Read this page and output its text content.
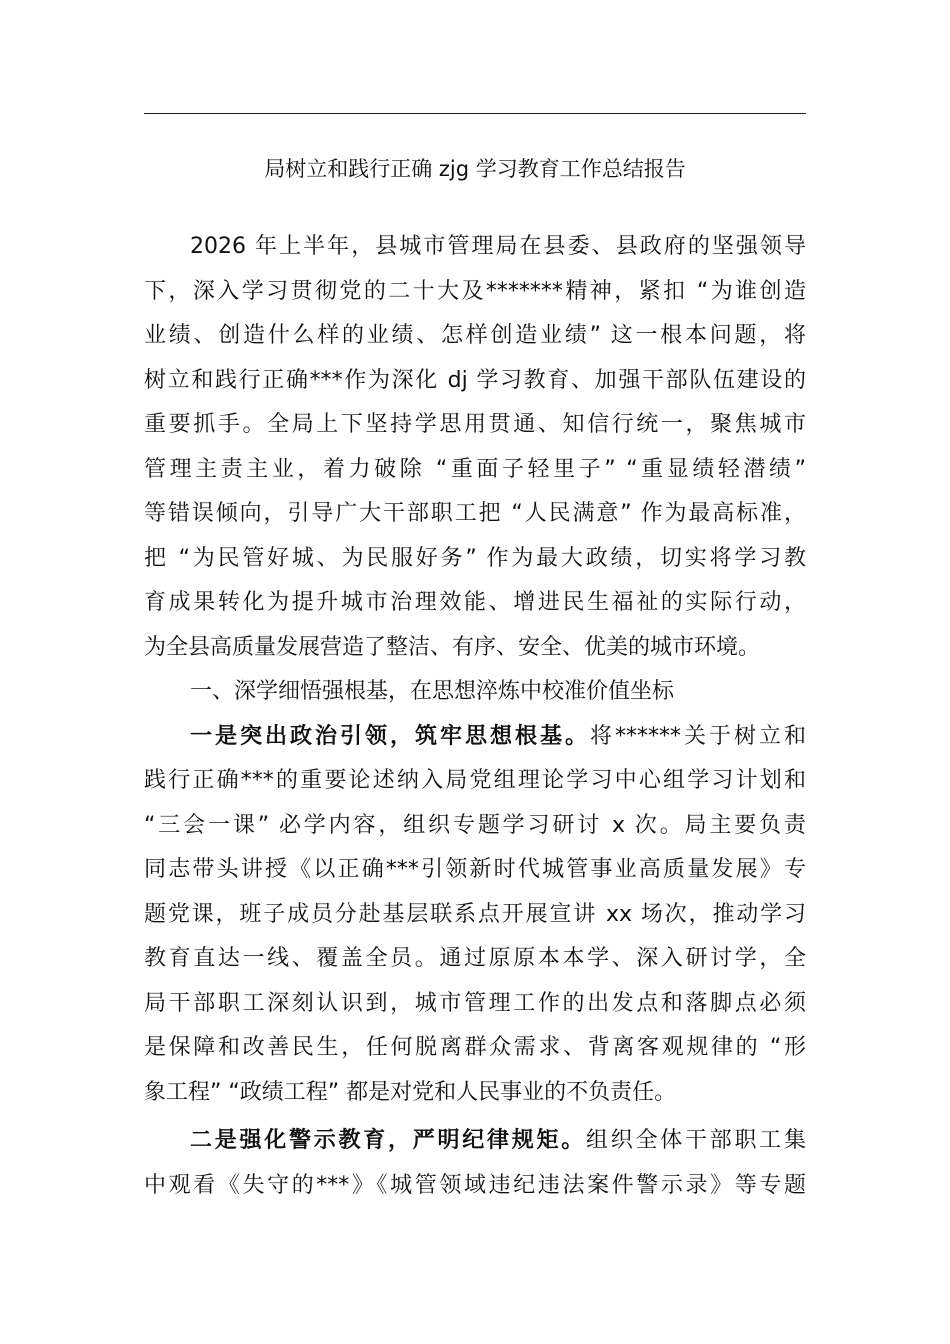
局树立和践行正确 zjg 学习教育工作总结报告
2026 年上半年，县城市管理局在县委、县政府的坚强领导
下，深入学习贯彻党的二十大及*******精神，紧扣 “为谁创造
业绩、创造什么样的业绩、怎样创造业绩” 这一根本问题，将
树立和践行正确***作为深化 dj 学习教育、加强干部队伍建设的
重要抓手。全局上下坚持学思用贯通、知信行统一，聚焦城市
管理主责主业，着力破除 “重面子轻里子” “重显绩轻潜绩”
等错误倾向，引导广大干部职工把 “人民满意” 作为最高标准，
把 “为民管好城、为民服好务” 作为最大政绩，切实将学习教
育成果转化为提升城市治理效能、增进民生福祉的实际行动，
为全县高质量发展营造了整洁、有序、安全、优美的城市环境。
一、深学细悟强根基，在思想淬炼中校准价值坐标
一是突出政治引领，筑牢思想根基。将******关于树立和
践行正确***的重要论述纳入局党组理论学习中心组学习计划和
“三会一课” 必学内容，组织专题学习研讨 x 次。局主要负责
同志带头讲授《以正确***引领新时代城管事业高质量发展》专
题党课，班子成员分赴基层联系点开展宣讲 xx 场次，推动学习
教育直达一线、覆盖全员。通过原原本本学、深入研讨学，全
局干部职工深刻认识到，城市管理工作的出发点和落脚点必须
是保障和改善民生，任何脱离群众需求、背离客观规律的 “形
象工程” “政绩工程” 都是对党和人民事业的不负责任。
二是强化警示教育，严明纪律规矩。组织全体干部职工集
中观看《失守的***》《城管领域违纪违法案件警示录》等专题
